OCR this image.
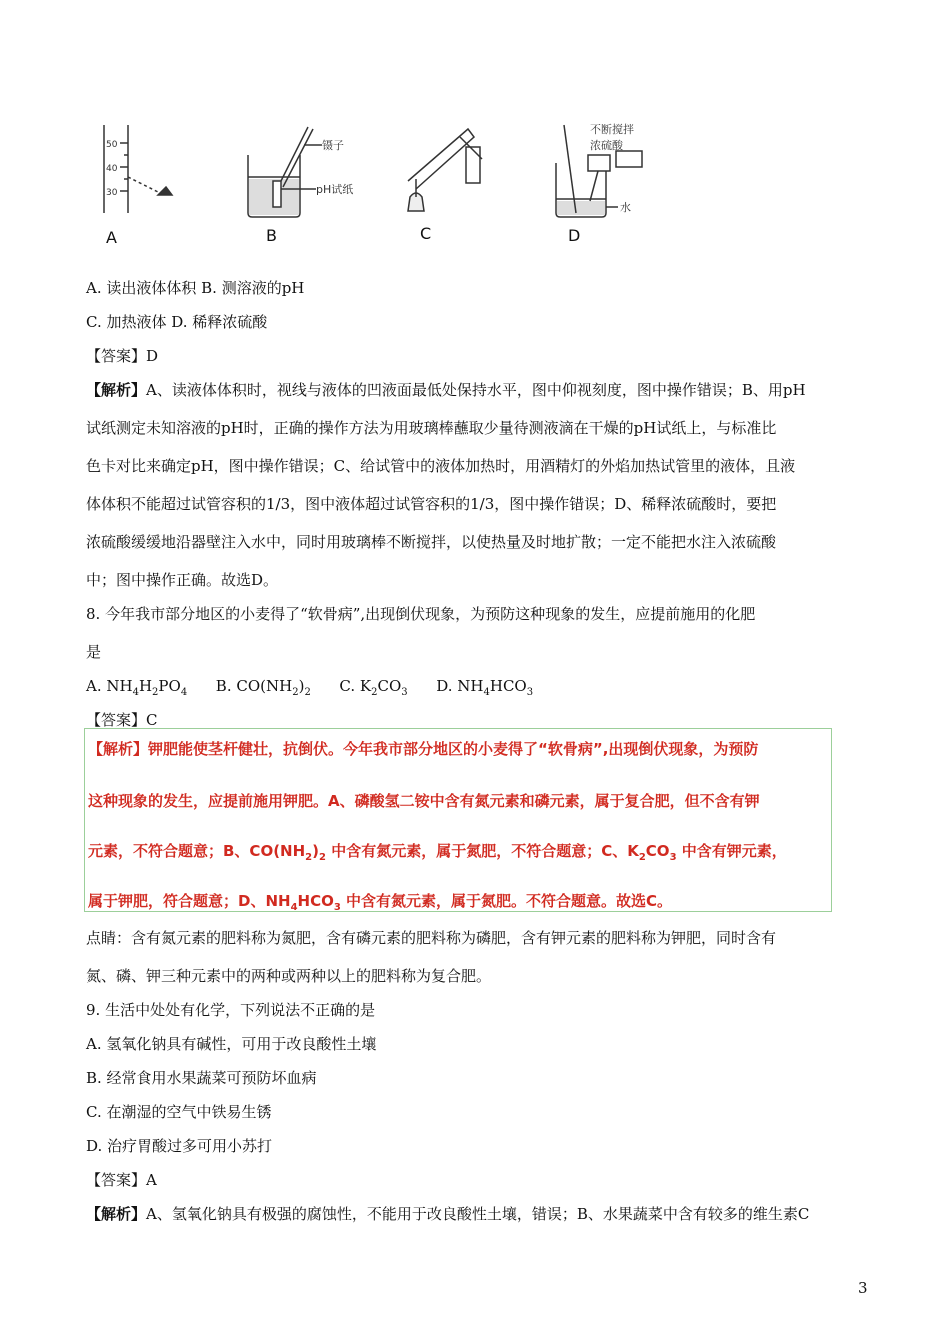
50
40
30
镊子
pH试纸
不断搅拌
浓硫酸
水
A	B	C	D
A. 读出液体体积 B. 测溶液的pH
C. 加热液体 D. 稀释浓硫酸
【答案】D
【解析】A、读液体体积时，视线与液体的凹液面最低处保持水平，图中仰视刻度，图中操作错误；B、用pH
试纸测定未知溶液的pH时，正确的操作方法为用玻璃棒蘸取少量待测液滴在干燥的pH试纸上，与标准比
色卡对比来确定pH，图中操作错误；C、给试管中的液体加热时，用酒精灯的外焰加热试管里的液体，且液
体体积不能超过试管容积的1/3，图中液体超过试管容积的1/3，图中操作错误；D、稀释浓硫酸时，要把
浓硫酸缓缓地沿器壁注入水中，同时用玻璃棒不断搅拌，以使热量及时地扩散；一定不能把水注入浓硫酸
中；图中操作正确。故选D。
8. 今年我市部分地区的小麦得了“软骨病”,出现倒伏现象，为预防这种现象的发生，应提前施用的化肥
是
A. $NH_4H_2PO_4$ B. $CO(NH_2)_2$ C. $K_2CO_3$ D. $NH_4HCO_3$
【答案】C
【解析】钾肥能使茎杆健壮，抗倒伏。今年我市部分地区的小麦得了“软骨病”,出现倒伏现象，为预防
这种现象的发生，应提前施用钾肥。A、磷酸氢二铵中含有氮元素和磷元素，属于复合肥，但不含有钾
元素，不符合题意；B、$CO(NH_2)_2$ 中含有氮元素，属于氮肥，不符合题意；C、$K_2CO_3$ 中含有钾元素，
属于钾肥，符合题意；D、$NH_4HCO_3$ 中含有氮元素，属于氮肥。不符合题意。故选C。
点睛：含有氮元素的肥料称为氮肥，含有磷元素的肥料称为磷肥，含有钾元素的肥料称为钾肥，同时含有
氮、磷、钾三种元素中的两种或两种以上的肥料称为复合肥。
9. 生活中处处有化学，下列说法不正确的是
A. 氢氧化钠具有碱性，可用于改良酸性土壤
B. 经常食用水果蔬菜可预防坏血病
C. 在潮湿的空气中铁易生锈
D. 治疗胃酸过多可用小苏打
【答案】A
【解析】A、氢氧化钠具有极强的腐蚀性，不能用于改良酸性土壤，错误；B、水果蔬菜中含有较多的维生素C
3
